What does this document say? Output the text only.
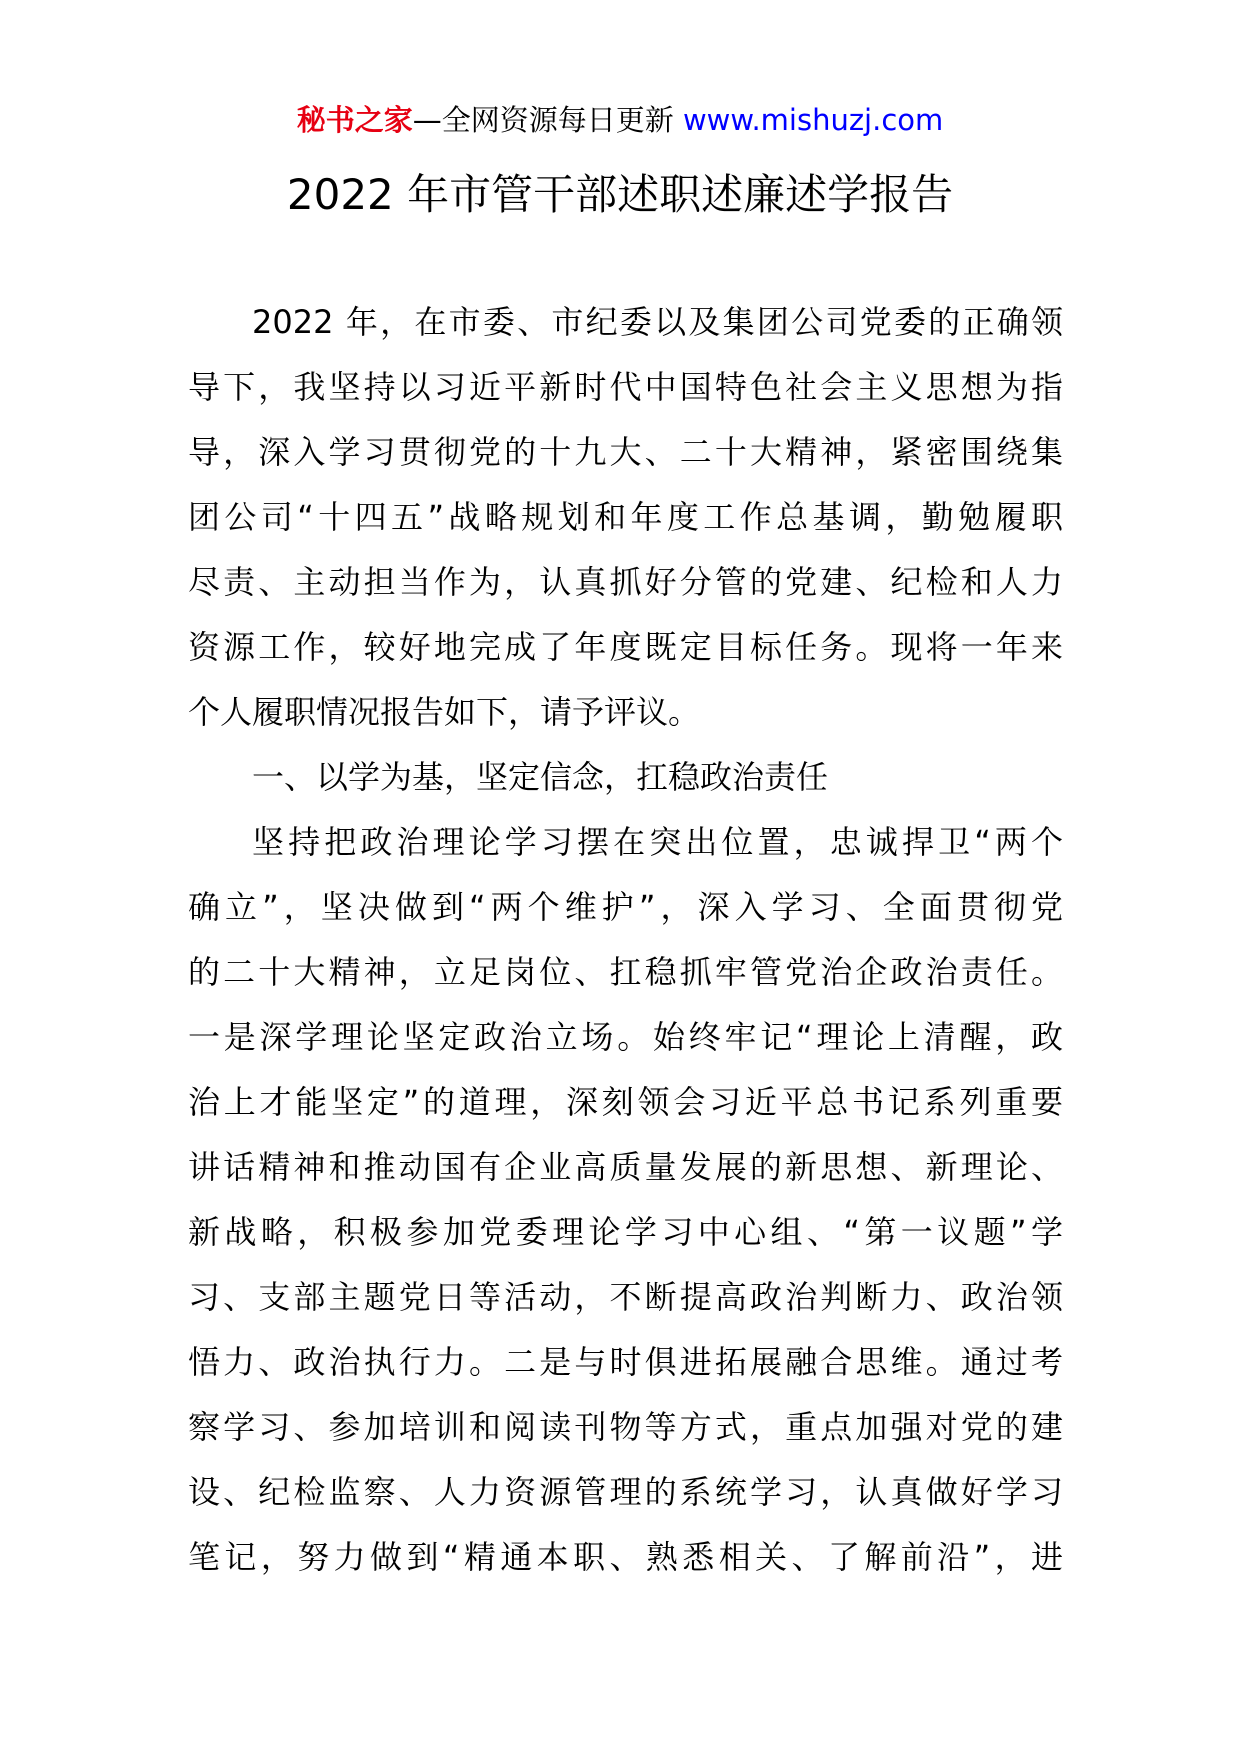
秘书之家—全网资源每日更新 www.mishuzj.com
2022 年市管干部述职述廉述学报告
2022 年，在市委、市纪委以及集团公司党委的正确领
导下，我坚持以习近平新时代中国特色社会主义思想为指
导，深入学习贯彻党的十九大、二十大精神，紧密围绕集
团公司“十四五”战略规划和年度工作总基调，勤勉履职
尽责、主动担当作为，认真抓好分管的党建、纪检和人力
资源工作，较好地完成了年度既定目标任务。现将一年来
个人履职情况报告如下，请予评议。
一、以学为基，坚定信念，扛稳政治责任
坚持把政治理论学习摆在突出位置，忠诚捍卫“两个
确立”，坚决做到“两个维护”，深入学习、全面贯彻党
的二十大精神，立足岗位、扛稳抓牢管党治企政治责任。
一是深学理论坚定政治立场。始终牢记“理论上清醒，政
治上才能坚定”的道理，深刻领会习近平总书记系列重要
讲话精神和推动国有企业高质量发展的新思想、新理论、
新战略，积极参加党委理论学习中心组、“第一议题”学
习、支部主题党日等活动，不断提高政治判断力、政治领
悟力、政治执行力。二是与时俱进拓展融合思维。通过考
察学习、参加培训和阅读刊物等方式，重点加强对党的建
设、纪检监察、人力资源管理的系统学习，认真做好学习
笔记，努力做到“精通本职、熟悉相关、了解前沿”，进
